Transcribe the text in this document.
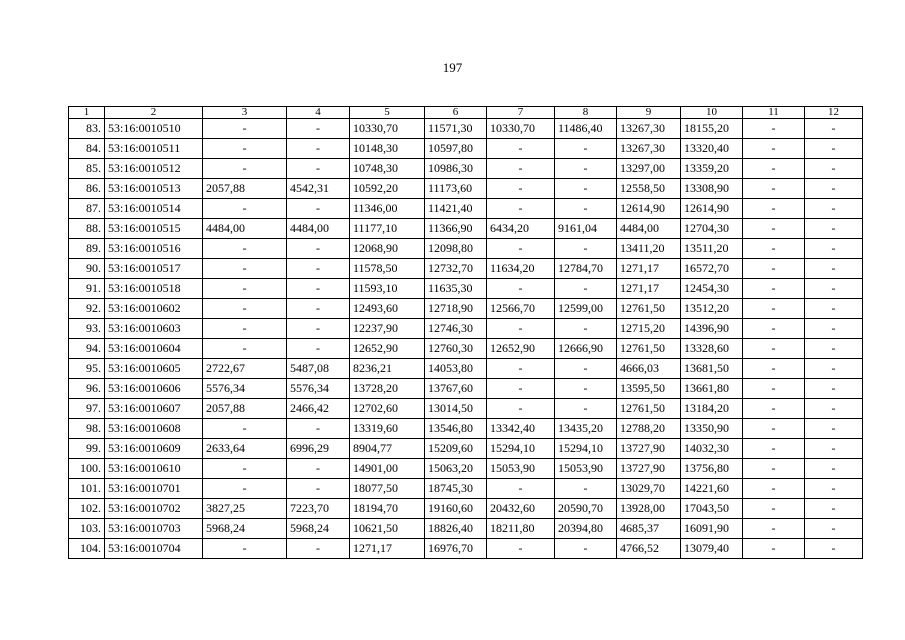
197
1	2	3	4	5	6	7	8	9	10	11	12
83.	53:16:0010510	-	-	10330,70	11571,30	10330,70	11486,40	13267,30	18155,20	-	-
84.	53:16:0010511	-	-	10148,30	10597,80	-	-	13267,30	13320,40	-	-
85.	53:16:0010512	-	-	10748,30	10986,30	-	-	13297,00	13359,20	-	-
86.	53:16:0010513	2057,88	4542,31	10592,20	11173,60	-	-	12558,50	13308,90	-	-
87.	53:16:0010514	-	-	11346,00	11421,40	-	-	12614,90	12614,90	-	-
88.	53:16:0010515	4484,00	4484,00	11177,10	11366,90	6434,20	9161,04	4484,00	12704,30	-	-
89.	53:16:0010516	-	-	12068,90	12098,80	-	-	13411,20	13511,20	-	-
90.	53:16:0010517	-	-	11578,50	12732,70	11634,20	12784,70	1271,17	16572,70	-	-
91.	53:16:0010518	-	-	11593,10	11635,30	-	-	1271,17	12454,30	-	-
92.	53:16:0010602	-	-	12493,60	12718,90	12566,70	12599,00	12761,50	13512,20	-	-
93.	53:16:0010603	-	-	12237,90	12746,30	-	-	12715,20	14396,90	-	-
94.	53:16:0010604	-	-	12652,90	12760,30	12652,90	12666,90	12761,50	13328,60	-	-
95.	53:16:0010605	2722,67	5487,08	8236,21	14053,80	-	-	4666,03	13681,50	-	-
96.	53:16:0010606	5576,34	5576,34	13728,20	13767,60	-	-	13595,50	13661,80	-	-
97.	53:16:0010607	2057,88	2466,42	12702,60	13014,50	-	-	12761,50	13184,20	-	-
98.	53:16:0010608	-	-	13319,60	13546,80	13342,40	13435,20	12788,20	13350,90	-	-
99.	53:16:0010609	2633,64	6996,29	8904,77	15209,60	15294,10	15294,10	13727,90	14032,30	-	-
100.	53:16:0010610	-	-	14901,00	15063,20	15053,90	15053,90	13727,90	13756,80	-	-
101.	53:16:0010701	-	-	18077,50	18745,30	-	-	13029,70	14221,60	-	-
102.	53:16:0010702	3827,25	7223,70	18194,70	19160,60	20432,60	20590,70	13928,00	17043,50	-	-
103.	53:16:0010703	5968,24	5968,24	10621,50	18826,40	18211,80	20394,80	4685,37	16091,90	-	-
104.	53:16:0010704	-	-	1271,17	16976,70	-	-	4766,52	13079,40	-	-
